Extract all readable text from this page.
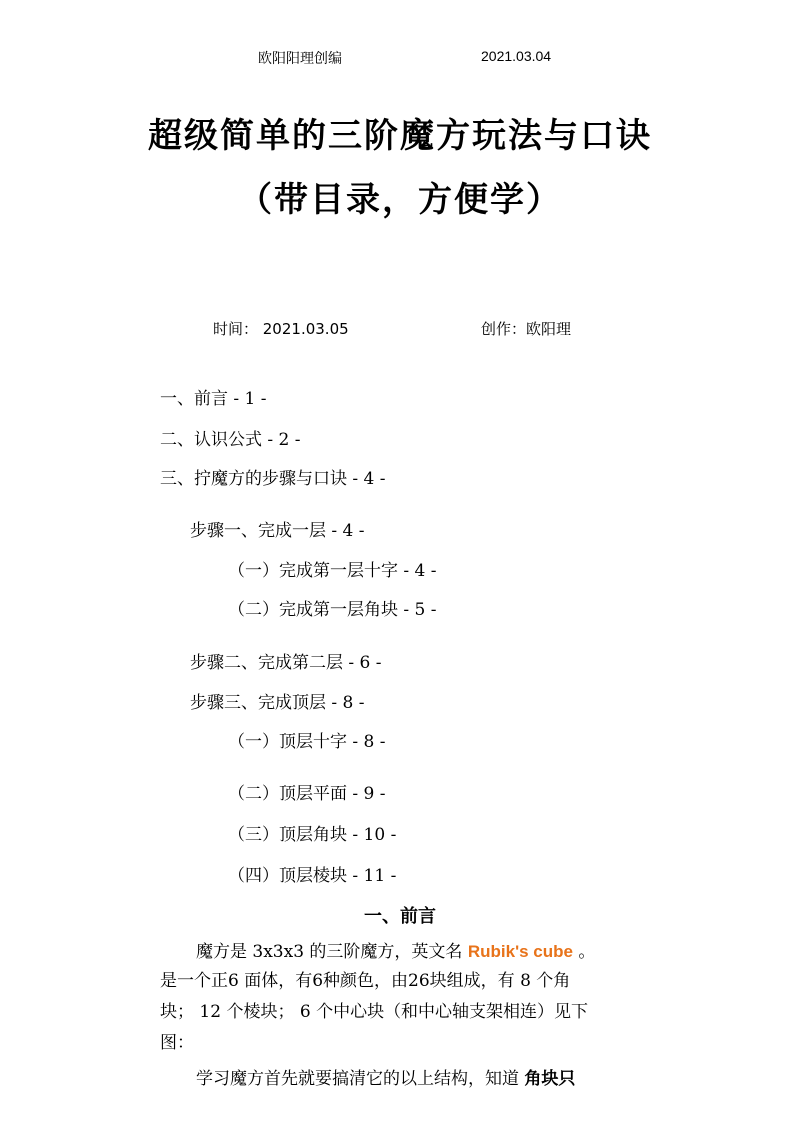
欧阳阳理创编	2021.03.04
超级简单的三阶魔方玩法与口诀
（带目录，方便学）
时间： 2021.03.05	创作：欧阳理
一、前言 - 1 -
二、认识公式 - 2 -
三、拧魔方的步骤与口诀 - 4 -
步骤一、完成一层 - 4 -
（一）完成第一层十字 - 4 -
（二）完成第一层角块 - 5 -
步骤二、完成第二层 - 6 -
步骤三、完成顶层 - 8 -
（一）顶层十字 - 8 -
（二）顶层平面 - 9 -
（三）顶层角块 - 10 -
（四）顶层棱块 - 11 -
一、前言
魔方是 3x3x3 的三阶魔方，英文名 Rubik's cube 。
是一个正6 面体，有6种颜色，由26块组成，有 8 个角
块； 12 个棱块； 6 个中心块（和中心轴支架相连）见下
图：
学习魔方首先就要搞清它的以上结构，知道 角块只
